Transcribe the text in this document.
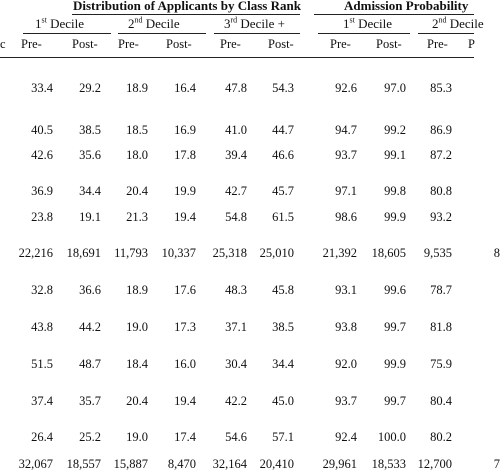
Distribution of Applicants by Class Rank	Admission Probability
1st Decile	2nd Decile	3rd Decile +	1st Decile	2nd Decile
c Pre- Post- Pre- Post- Pre- Post-	Pre- Post- Pre- P
33.4	29.2	18.9	16.4	47.8	54.3	92.6	97.0	85.3
40.5	38.5	18.5	16.9	41.0	44.7	94.7	99.2	86.9
42.6	35.6	18.0	17.8	39.4	46.6	93.7	99.1	87.2
36.9	34.4	20.4	19.9	42.7	45.7	97.1	99.8	80.8
23.8	19.1	21.3	19.4	54.8	61.5	98.6	99.9	93.2
22,216	18,691	11,793	10,337	25,318	25,010	21,392	18,605	9,535	8
32.8	36.6	18.9	17.6	48.3	45.8	93.1	99.6	78.7
43.8	44.2	19.0	17.3	37.1	38.5	93.8	99.7	81.8
51.5	48.7	18.4	16.0	30.4	34.4	92.0	99.9	75.9
37.4	35.7	20.4	19.4	42.2	45.0	93.7	99.7	80.4
26.4	25.2	19.0	17.4	54.6	57.1	92.4	100.0	80.2
32,067	18,557	15,887	8,470	32,164	20,410	29,961	18,533 12,700	7
